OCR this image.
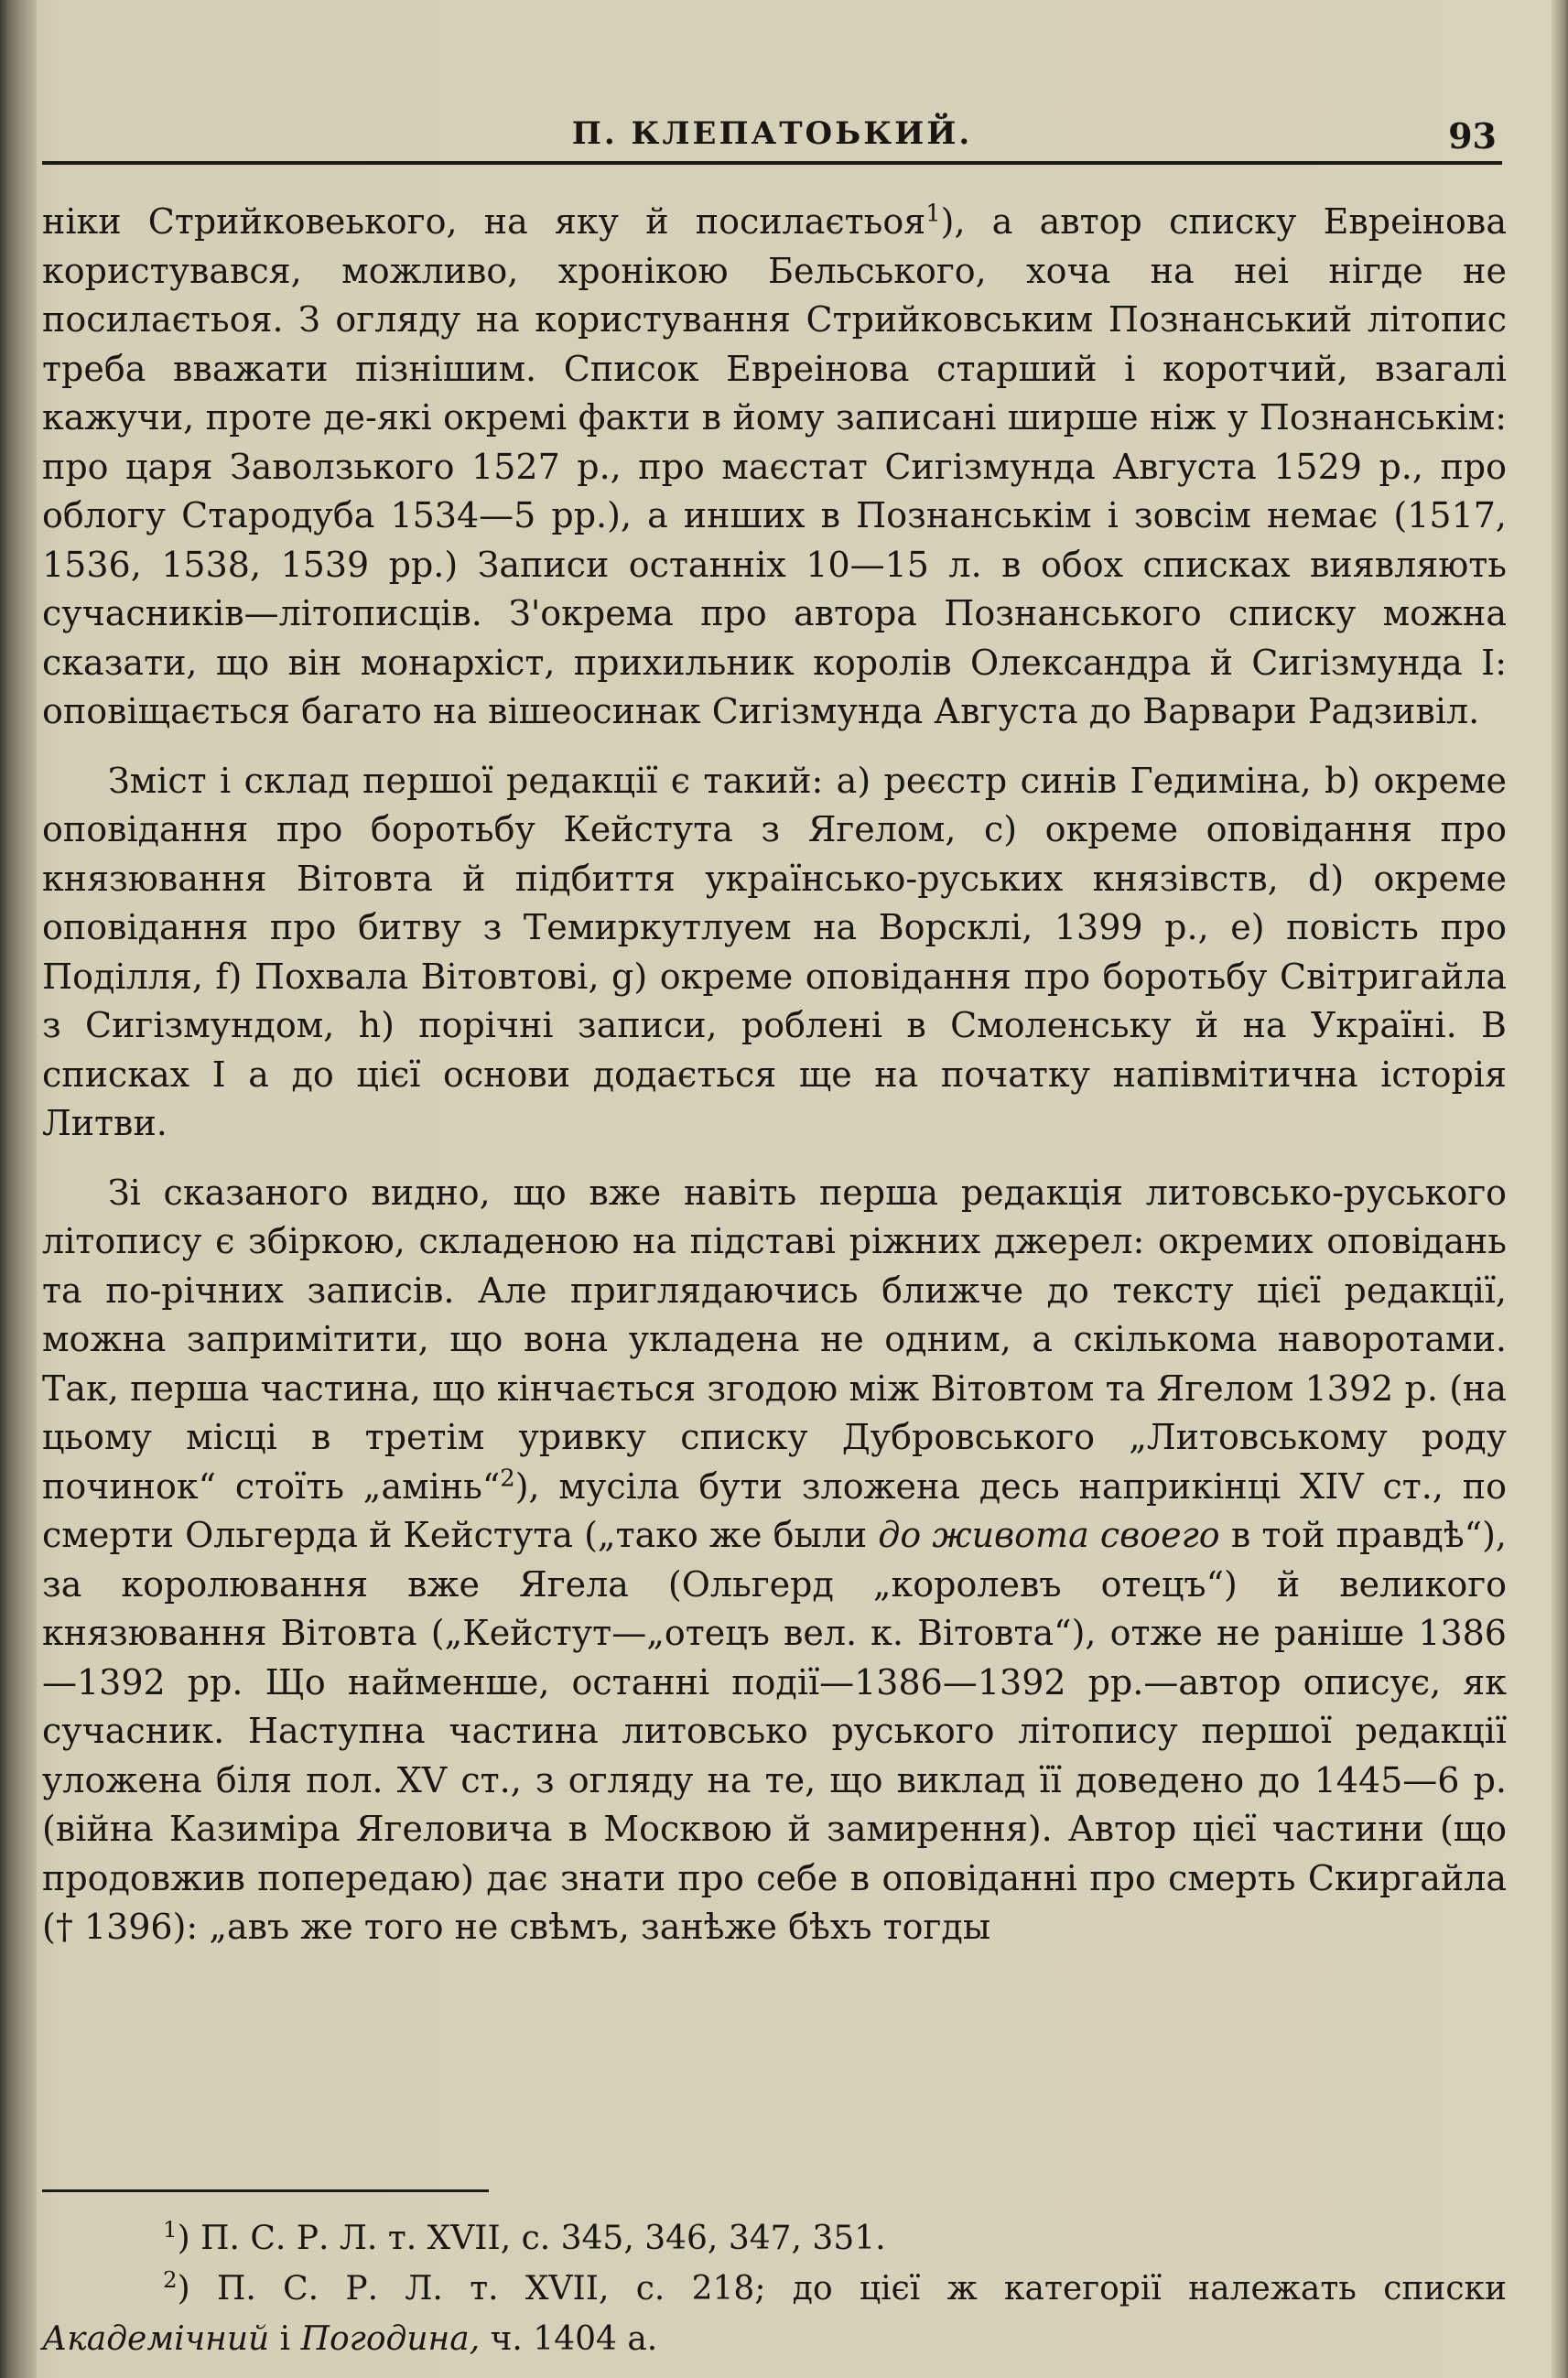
П. КЛЕПАТОЬКИЙ.	93

ніки Стрийковеького, на яку й посилаєтьоя$^1$), а автор списку Евреінова користувався, можливо, хронікою Бельського, хоча на неі нігде не посилаєтьоя. З огляду на користування Стрийковським Познанський літопис треба вважати пізнішим. Список Евреінова старший і коротчий, взагалі кажучи, проте де-які окремі факти в йому записані ширше ніж у Познанськім: про царя Заволзького 1527 р., про маєстат Сигізмунда Августа 1529 р., про облогу Стародуба 1534—5 рр.), а инших в Познанськім і зовсім немає (1517, 1536, 1538, 1539 рр.) Записи останніх 10—15 л. в обох списках виявляють сучасників—літописців. З'окрема про автора Познанського списку можна сказати, що він монархіст, прихильник королів Олександра й Сигізмунда I: оповіщається багато на вішеосинак Сигізмунда Августа до Варвари Радзивіл.

Зміст і склад першої редакції є такий: а) реєстр синів Гедиміна, b) окреме оповідання про боротьбу Кейстута з Ягелом, с) окреме оповідання про князювання Вітовта й підбиття українсько-руських князівств, d) окреме оповідання про битву з Темиркутлуем на Ворсклі, 1399 р., е) повість про Поділля, f) Похвала Вітовтові, g) окреме оповідання про боротьбу Світригайла з Сигізмундом, h) порічні записи, роблені в Смоленську й на Україні. В списках I а до цієї основи додається ще на початку напівмітична історія Литви.

Зі сказаного видно, що вже навіть перша редакція литовсько-руського літопису є збіркою, складеною на підставі ріжних джерел: окремих оповідань та по-річних записів. Але приглядаючись ближче до тексту цієї редакції, можна запримітити, що вона укладена не одним, а скількома наворотами. Так, перша частина, що кінчається згодою між Вітовтом та Ягелом 1392 р. (на цьому місці в третім уривку списку Дубровського „Литовському роду починок“ стоїть „амінь“$^2$), мусіла бути зложена десь наприкінці XIV ст., по смерти Ольгерда й Кейстута („тако же были до живота своего в той правдѣ“), за королювання вже Ягела (Ольгерд „королевъ отецъ“) й великого князювання Вітовта („Кейстут—„отецъ вел. к. Вітовта“), отже не раніше 1386—1392 рр. Що найменше, останні події—1386—1392 рр.—автор описує, як сучасник. Наступна частина литовсько руського літопису першої редакції уложена біля пол. XV ст., з огляду на те, що виклад її доведено до 1445—6 р. (війна Казиміра Ягеловича в Москвою й замирення). Автор цієї частини (що продовжив попередаю) дає знати про себе в оповіданні про смерть Скиргайла († 1396): „авъ же того не свѣмъ, занѣже бѣхъ тогды

$^1$) П. С. Р. Л. т. XVII, с. 345, 346, 347, 351.

$^2$) П. С. Р. Л. т. XVII, с. 218; до цієї ж категорії належать списки Академічний і Погодина, ч. 1404 а.
